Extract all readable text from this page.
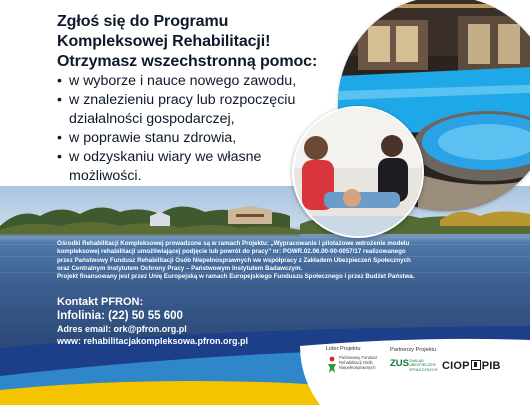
Zgłoś się do Programu
Kompleksowej Rehabilitacji!
Otrzymasz wszechstronną pomoc:
• w wyborze i nauce nowego zawodu,
• w znalezieniu pracy lub rozpoczęciu
działalności gospodarczej,
• w poprawie stanu zdrowia,
• w odzyskaniu wiary we własne
możliwości.
Ośrodki Rehabilitacji Kompleksowej prowadzone są w ramach Projektu: „Wypracowanie i pilotażowe wdrożenie modelu
kompleksowej rehabilitacji umożliwiającej podjęcie lub powrót do pracy” nr: POWR.02.06.00-00-0057/17 realizowanego
przez Państwowy Fundusz Rehabilitacji Osób Niepełnosprawnych we współpracy z Zakładem Ubezpieczeń Społecznych
oraz Centralnym Instytutem Ochrony Pracy – Państwowym Instytutem Badawczym.
Projekt finansowany jest przez Unię Europejską w ramach Europejskiego Funduszu Społecznego i przez Budżet Państwa.
Kontakt PFRON:
Infolinia: (22) 50 55 600
Adres email: ork@pfron.org.pl
www: rehabilitacjakompleksowa.pfron.org.pl
Lider Projektu	Partnerzy Projektu
Państwowy Fundusz
Rehabilitacji Osób
Niepełnosprawnych ZUS ZAKŁAD
UBEZPIECZEŃ
SPOŁECZNYCH CIOP PIB
